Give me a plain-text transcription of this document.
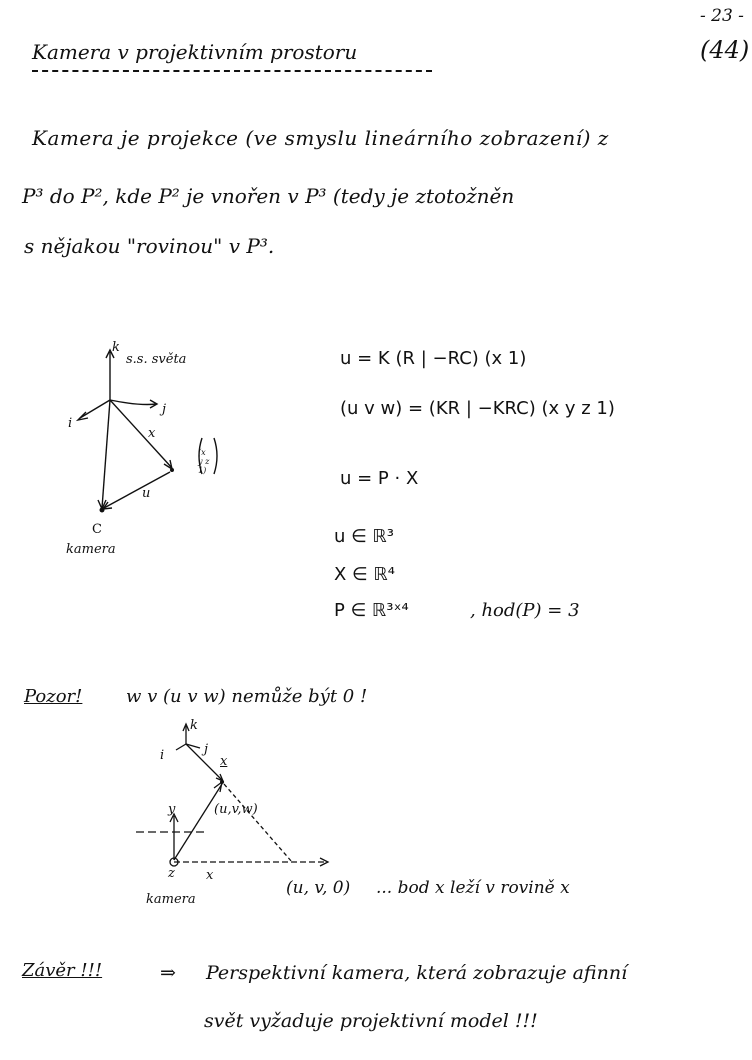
- 23 -
(44)
Kamera v projektivním prostoru
Kamera je projekce (ve smyslu lineárního zobrazení) z
P³ do P², kde P² je vnořen v P³ (tedy je ztotožněn
s nějakou "rovinou" v P³.
k
s.s. světa
i
j
x
u
(x y z 1)
C
kamera
u = K (R | −RC) (x 1)
(u v w) = (KR | −KRC) (x y z 1)
u = P · X
u ∈ ℝ³
X ∈ ℝ⁴
P ∈ ℝ³ˣ⁴	, hod(P) = 3
Pozor! w v (u v w) nemůže být 0 !
k
i	j
x
(u,v,w)
y
z x
kamera
(u, v, 0) ... bod x leží v rovině x
Závěr !!!	⇒ Perspektivní kamera, která zobrazuje afinní
svět vyžaduje projektivní model !!!
